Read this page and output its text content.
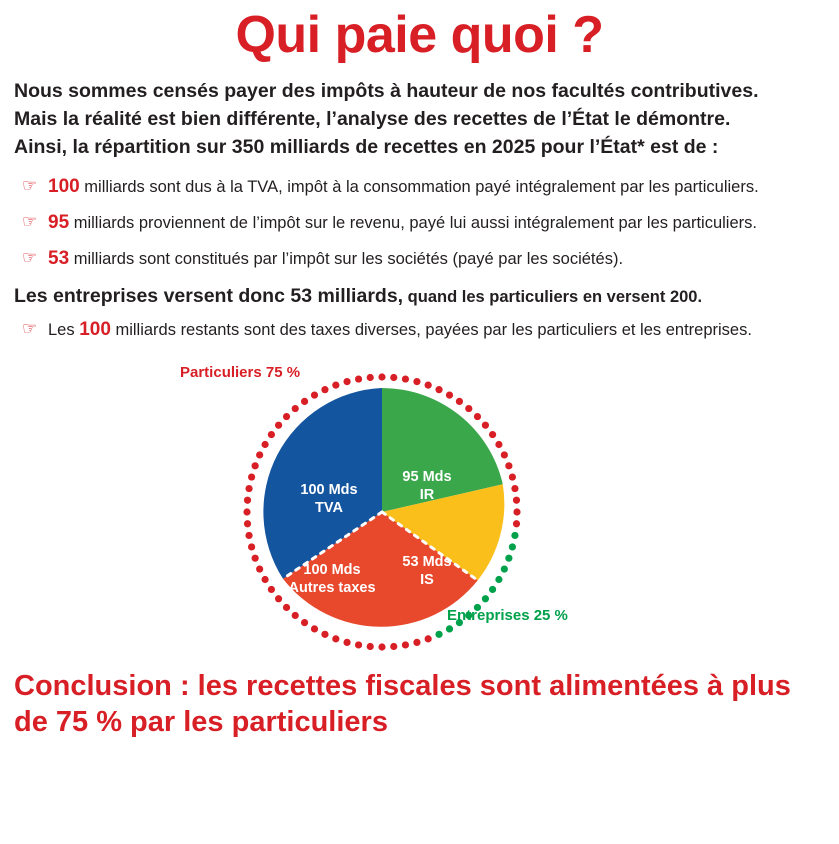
Qui paie quoi ?
Nous sommes censés payer des impôts à hauteur de nos facultés contributives.
Mais la réalité est bien différente, l’analyse des recettes de l’État le démontre.
Ainsi, la répartition sur 350 milliards de recettes en 2025 pour l’État* est de :
☞ 100 milliards sont dus à la TVA, impôt à la consommation payé intégralement par les particuliers.
☞ 95 milliards proviennent de l’impôt sur le revenu, payé lui aussi intégralement par les particuliers.
☞ 53 milliards sont constitués par l’impôt sur les sociétés (payé par les sociétés).
Les entreprises versent donc 53 milliards, quand les particuliers en versent 200.
☞ Les 100 milliards restants sont des taxes diverses, payées par les particuliers et les entreprises.
100 Mds
TVA
95 Mds
IR
53 Mds
IS
100 Mds
Autres taxes
Particuliers 75 %
Entreprises 25 %
Conclusion : les recettes fiscales sont alimentées à plus de 75 % par les particuliers
